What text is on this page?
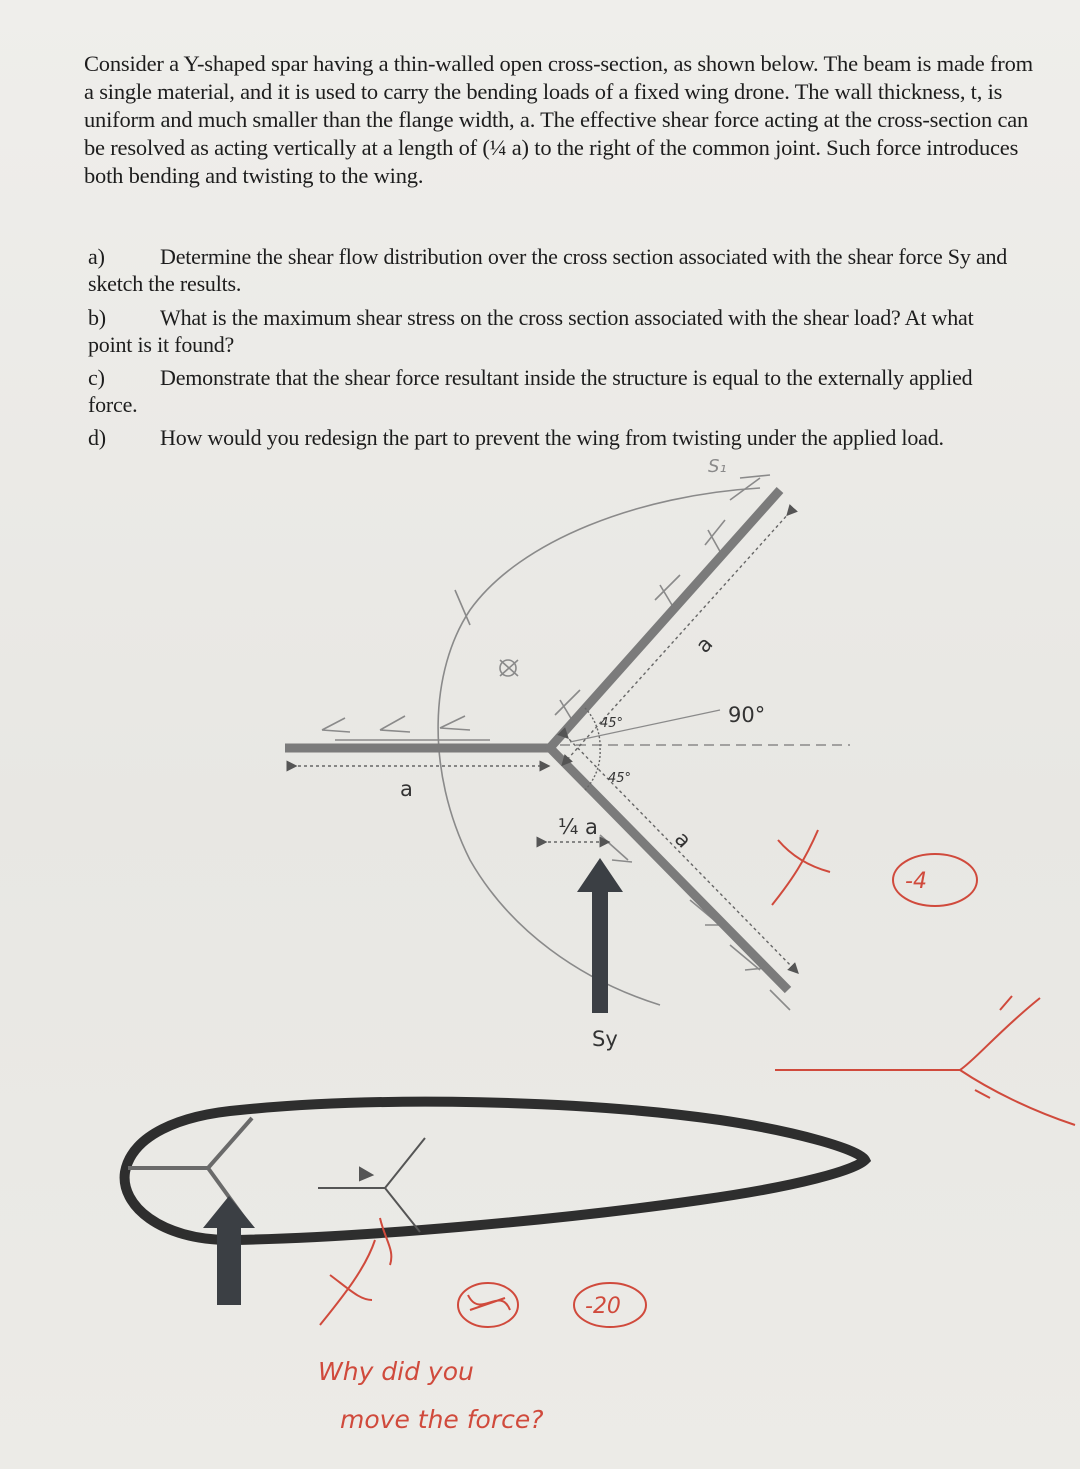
Consider a Y-shaped spar having a thin-walled open cross-section, as shown below. The beam is made from a single material, and it is used to carry the bending loads of a fixed wing drone. The wall thickness, t, is uniform and much smaller than the flange width, a. The effective shear force acting at the cross-section can be resolved as acting vertically at a length of (¼ a) to the right of the common joint. Such force introduces both bending and twisting to the wing.
a)	Determine the shear flow distribution over the cross section associated with the shear force Sy and sketch the results.
b) What is the maximum shear stress on the cross section associated with the shear load? At what point is it found?
c)	Demonstrate that the shear force resultant inside the structure is equal to the externally applied force.
d) How would you redesign the part to prevent the wing from twisting under the applied load.
a
a
a
¼ a
Sy
90°
45°
45°
-4
-20
Why did you
move the force?
S₁
